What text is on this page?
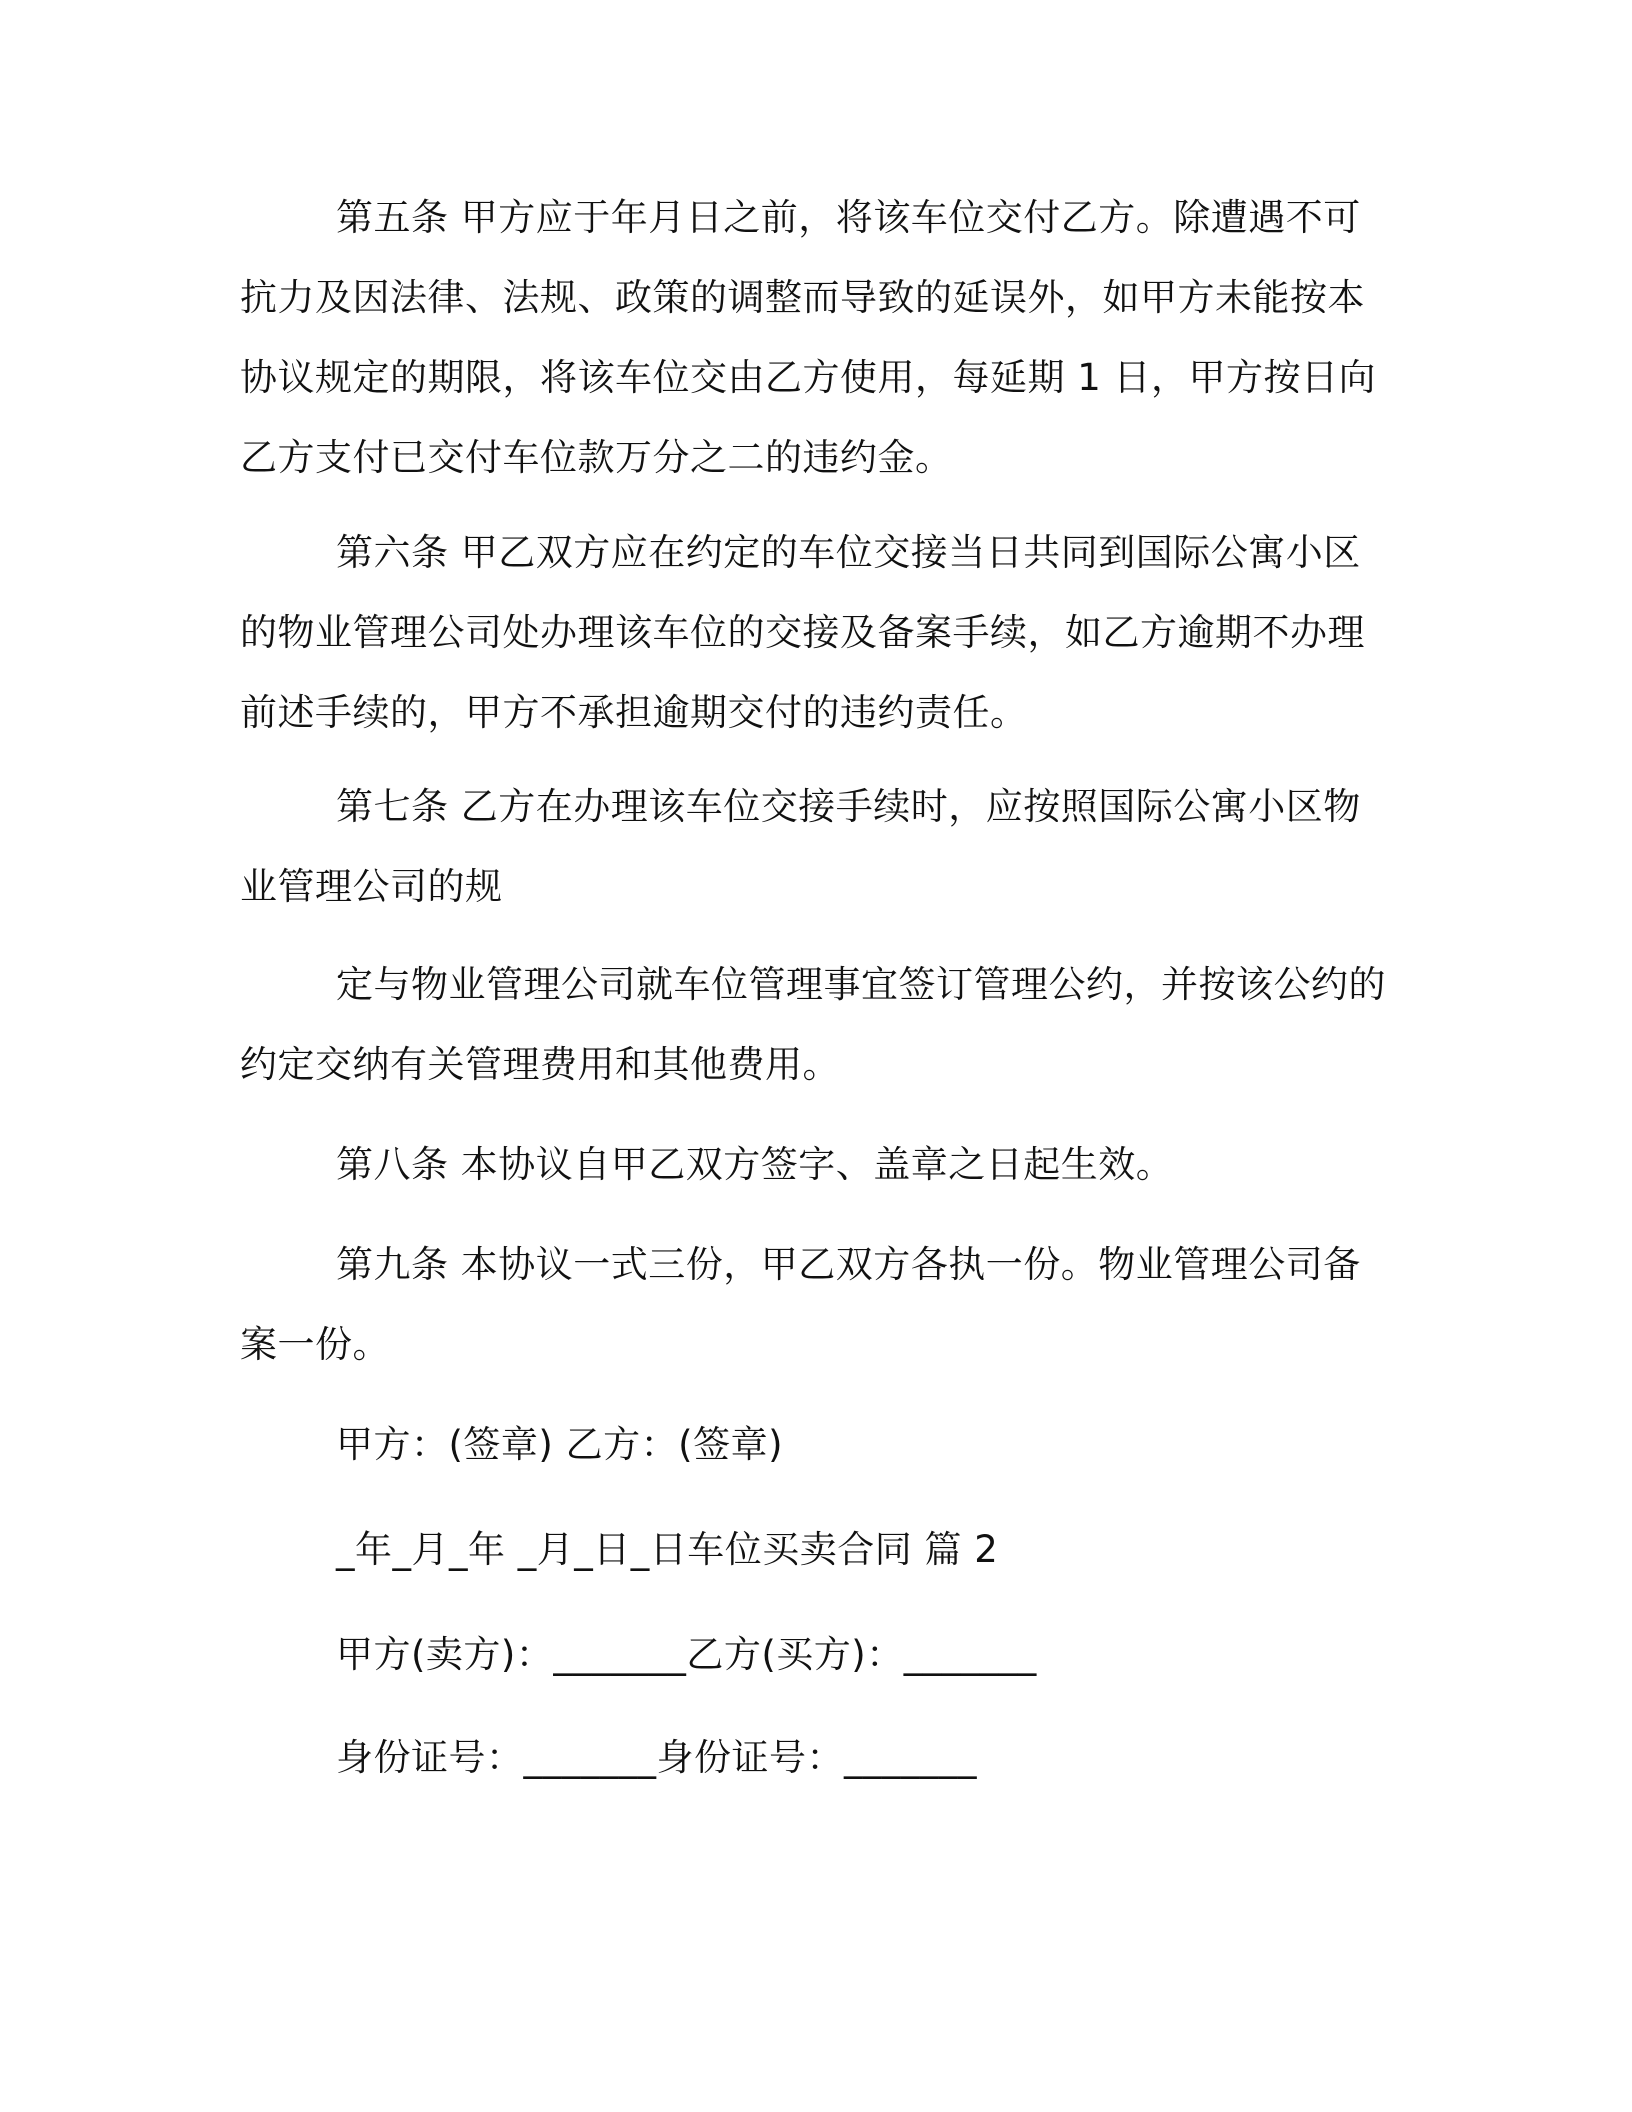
第五条 甲方应于年月日之前，将该车位交付乙方。除遭遇不可抗力及因法律、法规、政策的调整而导致的延误外，如甲方未能按本协议规定的期限，将该车位交由乙方使用，每延期 1 日，甲方按日向乙方支付已交付车位款万分之二的违约金。

第六条 甲乙双方应在约定的车位交接当日共同到国际公寓小区的物业管理公司处办理该车位的交接及备案手续，如乙方逾期不办理前述手续的，甲方不承担逾期交付的违约责任。

第七条 乙方在办理该车位交接手续时，应按照国际公寓小区物业管理公司的规

定与物业管理公司就车位管理事宜签订管理公约，并按该公约的约定交纳有关管理费用和其他费用。

第八条 本协议自甲乙双方签字、盖章之日起生效。

第九条 本协议一式三份，甲乙双方各执一份。物业管理公司备案一份。

甲方：(签章) 乙方：(签章)

_年_月_年 _月_日_日车位买卖合同 篇 2

甲方(卖方)：_______乙方(买方)：_______

身份证号：_______身份证号：_______
